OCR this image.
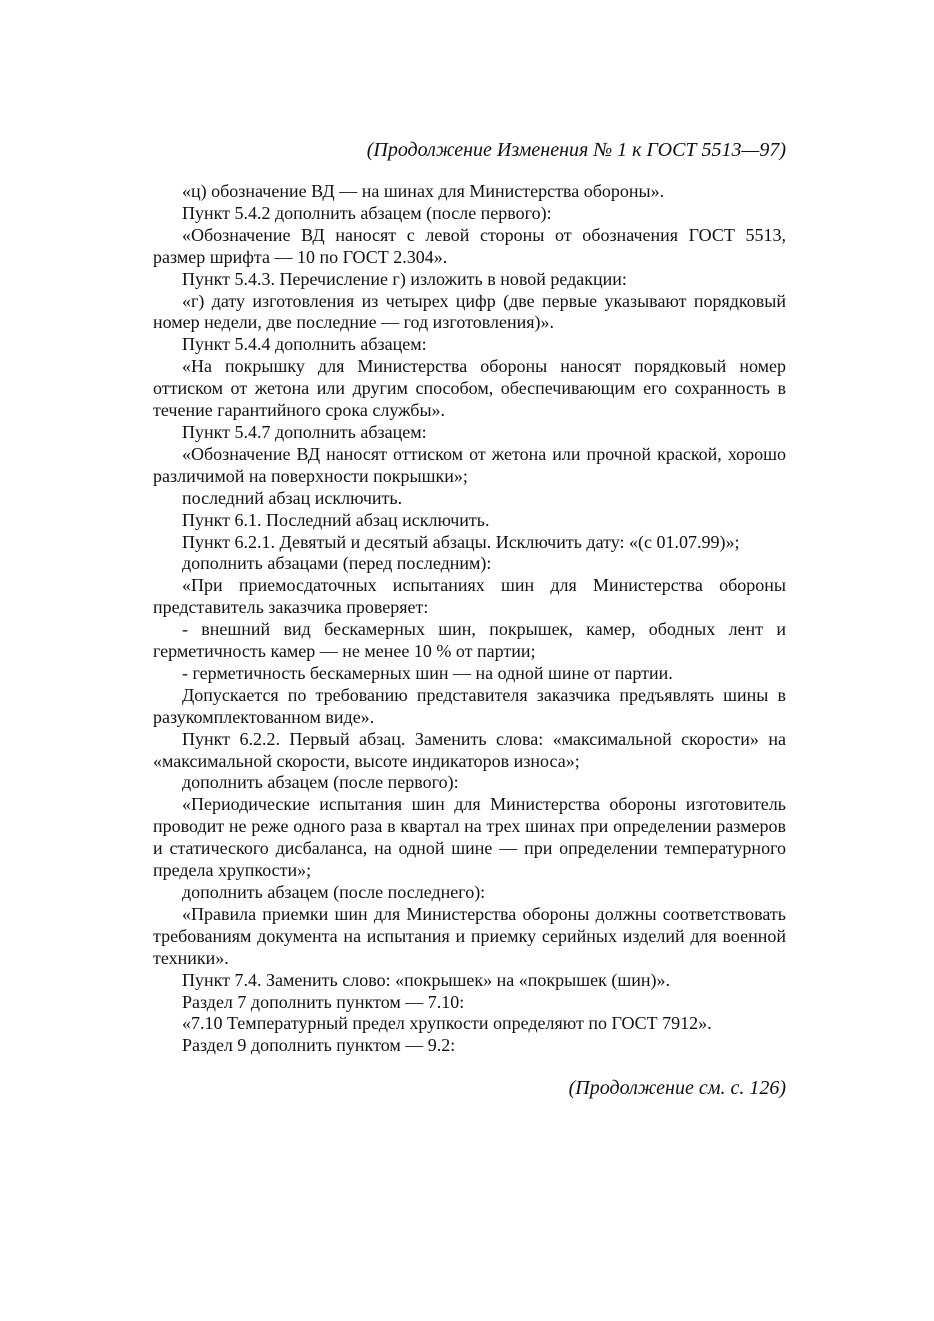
(Продолжение Изменения № 1 к ГОСТ 5513—97)

«ц) обозначение ВД — на шинах для Министерства обороны».

Пункт 5.4.2 дополнить абзацем (после первого):

«Обозначение ВД наносят с левой стороны от обозначения ГОСТ 5513, размер шрифта — 10 по ГОСТ 2.304».

Пункт 5.4.3. Перечисление г) изложить в новой редакции:

«г) дату изготовления из четырех цифр (две первые указывают порядковый номер недели, две последние — год изготовления)».

Пункт 5.4.4 дополнить абзацем:

«На покрышку для Министерства обороны наносят порядковый номер оттиском от жетона или другим способом, обеспечивающим его сохранность в течение гарантийного срока службы».

Пункт 5.4.7 дополнить абзацем:

«Обозначение ВД наносят оттиском от жетона или прочной краской, хорошо различимой на поверхности покрышки»;

последний абзац исключить.

Пункт 6.1. Последний абзац исключить.

Пункт 6.2.1. Девятый и десятый абзацы. Исключить дату: «(с 01.07.99)»;

дополнить абзацами (перед последним):

«При приемосдаточных испытаниях шин для Министерства обороны представитель заказчика проверяет:

- внешний вид бескамерных шин, покрышек, камер, ободных лент и герметичность камер — не менее 10 % от партии;

- герметичность бескамерных шин — на одной шине от партии.

Допускается по требованию представителя заказчика предъявлять шины в разукомплектованном виде».

Пункт 6.2.2. Первый абзац. Заменить слова: «максимальной скорости» на «максимальной скорости, высоте индикаторов износа»;

дополнить абзацем (после первого):

«Периодические испытания шин для Министерства обороны изготовитель проводит не реже одного раза в квартал на трех шинах при определении размеров и статического дисбаланса, на одной шине — при определении температурного предела хрупкости»;

дополнить абзацем (после последнего):

«Правила приемки шин для Министерства обороны должны соответствовать требованиям документа на испытания и приемку серийных изделий для военной техники».

Пункт 7.4. Заменить слово: «покрышек» на «покрышек (шин)».

Раздел 7 дополнить пунктом — 7.10:

«7.10 Температурный предел хрупкости определяют по ГОСТ 7912».

Раздел 9 дополнить пунктом — 9.2:

(Продолжение см. с. 126)
